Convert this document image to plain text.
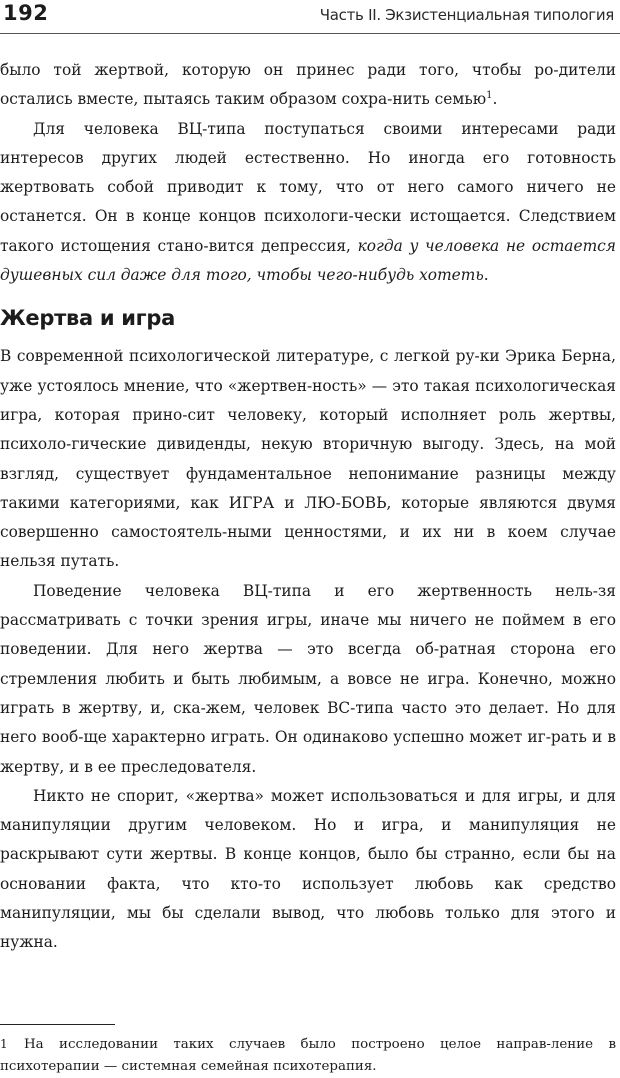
192	Часть II. Экзистенциальная типология

было той жертвой, которую он принес ради того, чтобы ро-дители остались вместе, пытаясь таким образом сохра-нить семью$^1$.

Для человека ВЦ-типа поступаться своими интересами ради интересов других людей естественно. Но иногда его готовность жертвовать собой приводит к тому, что от него самого ничего не останется. Он в конце концов психологи-чески истощается. Следствием такого истощения стано-вится депрессия, когда у человека не остается душевных сил даже для того, чтобы чего-нибудь хотеть.

Жертва и игра

В современной психологической литературе, с легкой ру-ки Эрика Берна, уже устоялось мнение, что «жертвен-ность» — это такая психологическая игра, которая прино-сит человеку, который исполняет роль жертвы, психоло-гические дивиденды, некую вторичную выгоду. Здесь, на мой взгляд, существует фундаментальное непонимание разницы между такими категориями, как ИГРА и ЛЮ-БОВЬ, которые являются двумя совершенно самостоятель-ными ценностями, и их ни в коем случае нельзя путать.

Поведение человека ВЦ-типа и его жертвенность нель-зя рассматривать с точки зрения игры, иначе мы ничего не поймем в его поведении. Для него жертва — это всегда об-ратная сторона его стремления любить и быть любимым, а вовсе не игра. Конечно, можно играть в жертву, и, ска-жем, человек ВС-типа часто это делает. Но для него вооб-ще характерно играть. Он одинаково успешно может иг-рать и в жертву, и в ее преследователя.

Никто не спорит, «жертва» может использоваться и для игры, и для манипуляции другим человеком. Но и игра, и манипуляция не раскрывают сути жертвы. В конце концов, было бы странно, если бы на основании факта, что кто-то использует любовь как средство манипуляции, мы бы сделали вывод, что любовь только для этого и нужна.

1 На исследовании таких случаев было построено целое направ-ление в психотерапии — системная семейная психотерапия.
